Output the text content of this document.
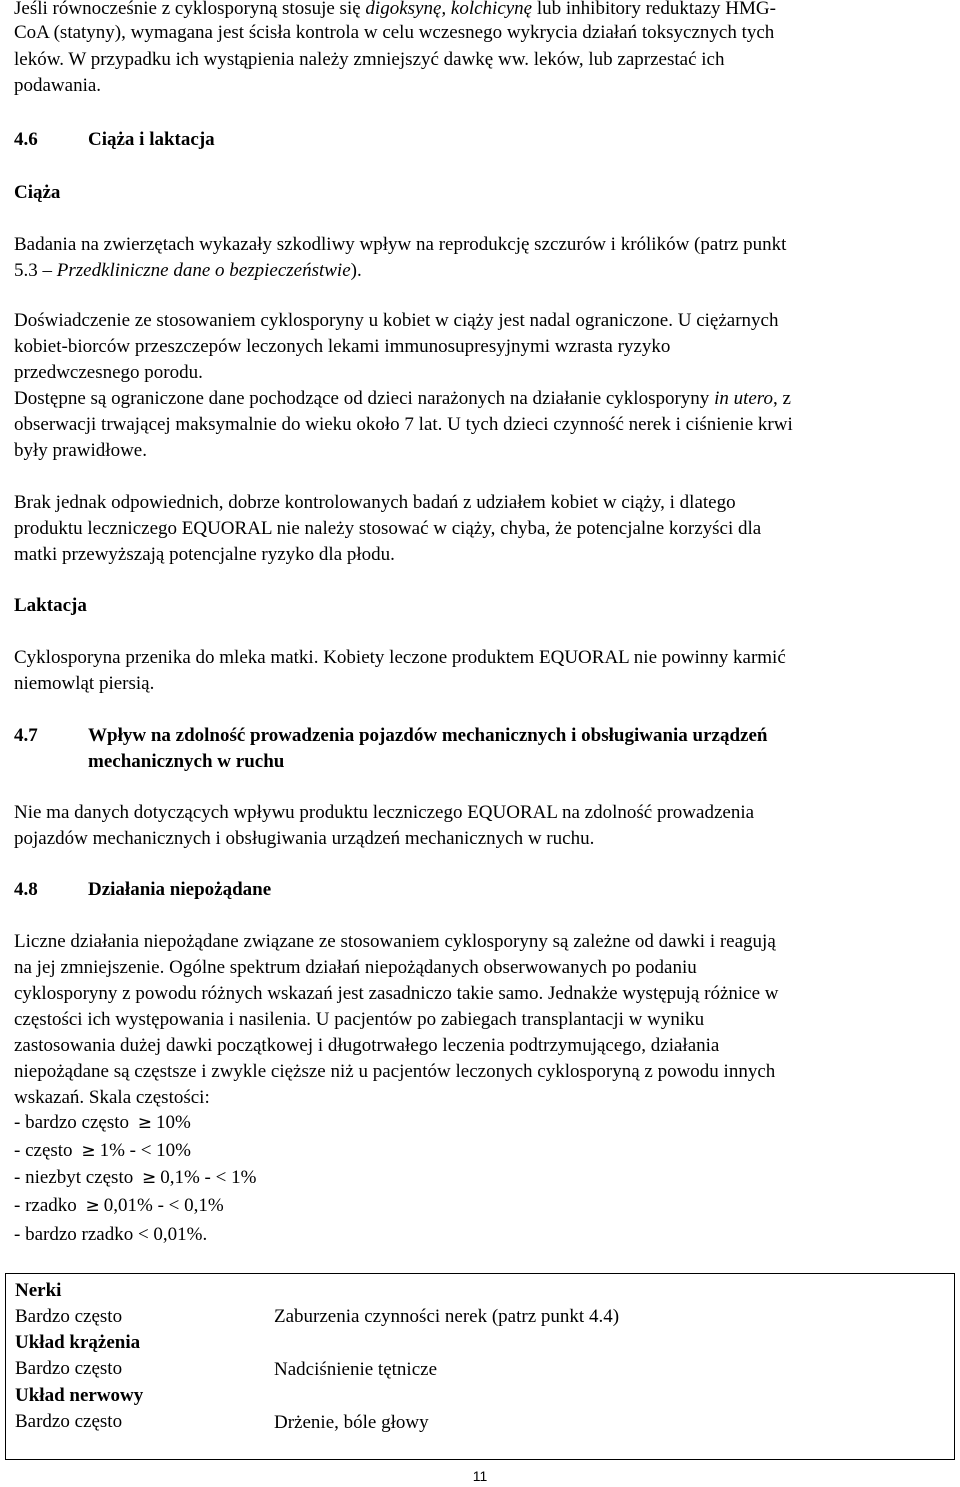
Jeśli równocześnie z cyklosporyną stosuje się digoksynę, kolchicynę lub inhibitory reduktazy HMG-

CoA (statyny), wymagana jest ścisła kontrola w celu wczesnego wykrycia działań toksycznych tych

leków. W przypadku ich wystąpienia należy zmniejszyć dawkę ww. leków, lub zaprzestać ich

podawania.

4.6	Ciąża i laktacja

Ciąża

Badania na zwierzętach wykazały szkodliwy wpływ na reprodukcję szczurów i królików (patrz punkt

5.3 – Przedkliniczne dane o bezpieczeństwie).

Doświadczenie ze stosowaniem cyklosporyny u kobiet w ciąży jest nadal ograniczone. U ciężarnych

kobiet-biorców przeszczepów leczonych lekami immunosupresyjnymi wzrasta ryzyko

przedwczesnego porodu.

Dostępne są ograniczone dane pochodzące od dzieci narażonych na działanie cyklosporyny in utero, z

obserwacji trwającej maksymalnie do wieku około 7 lat. U tych dzieci czynność nerek i ciśnienie krwi

były prawidłowe.

Brak jednak odpowiednich, dobrze kontrolowanych badań z udziałem kobiet w ciąży, i dlatego

produktu leczniczego EQUORAL nie należy stosować w ciąży, chyba, że potencjalne korzyści dla

matki przewyższają potencjalne ryzyko dla płodu.

Laktacja

Cyklosporyna przenika do mleka matki. Kobiety leczone produktem EQUORAL nie powinny karmić

niemowląt piersią.

4.7	Wpływ na zdolność prowadzenia pojazdów mechanicznych i obsługiwania urządzeń

mechanicznych w ruchu

Nie ma danych dotyczących wpływu produktu leczniczego EQUORAL na zdolność prowadzenia

pojazdów mechanicznych i obsługiwania urządzeń mechanicznych w ruchu.

4.8	Działania niepożądane

Liczne działania niepożądane związane ze stosowaniem cyklosporyny są zależne od dawki i reagują

na jej zmniejszenie. Ogólne spektrum działań niepożądanych obserwowanych po podaniu

cyklosporyny z powodu różnych wskazań jest zasadniczo takie samo. Jednakże występują różnice w

częstości ich występowania i nasilenia. U pacjentów po zabiegach transplantacji w wyniku

zastosowania dużej dawki początkowej i długotrwałego leczenia podtrzymującego, działania

niepożądane są częstsze i zwykle cięższe niż u pacjentów leczonych cyklosporyną z powodu innych

wskazań. Skala częstości:

- bardzo często ≥ 10%

- często ≥ 1% - < 10%

- niezbyt często ≥ 0,1% - < 1%

- rzadko ≥ 0,01% - < 0,1%

- bardzo rzadko < 0,01%.

Nerki
Bardzo często	Zaburzenia czynności nerek (patrz punkt 4.4)
Układ krążenia
Bardzo często	Nadciśnienie tętnicze
Układ nerwowy
Bardzo często	Drżenie, bóle głowy
11
